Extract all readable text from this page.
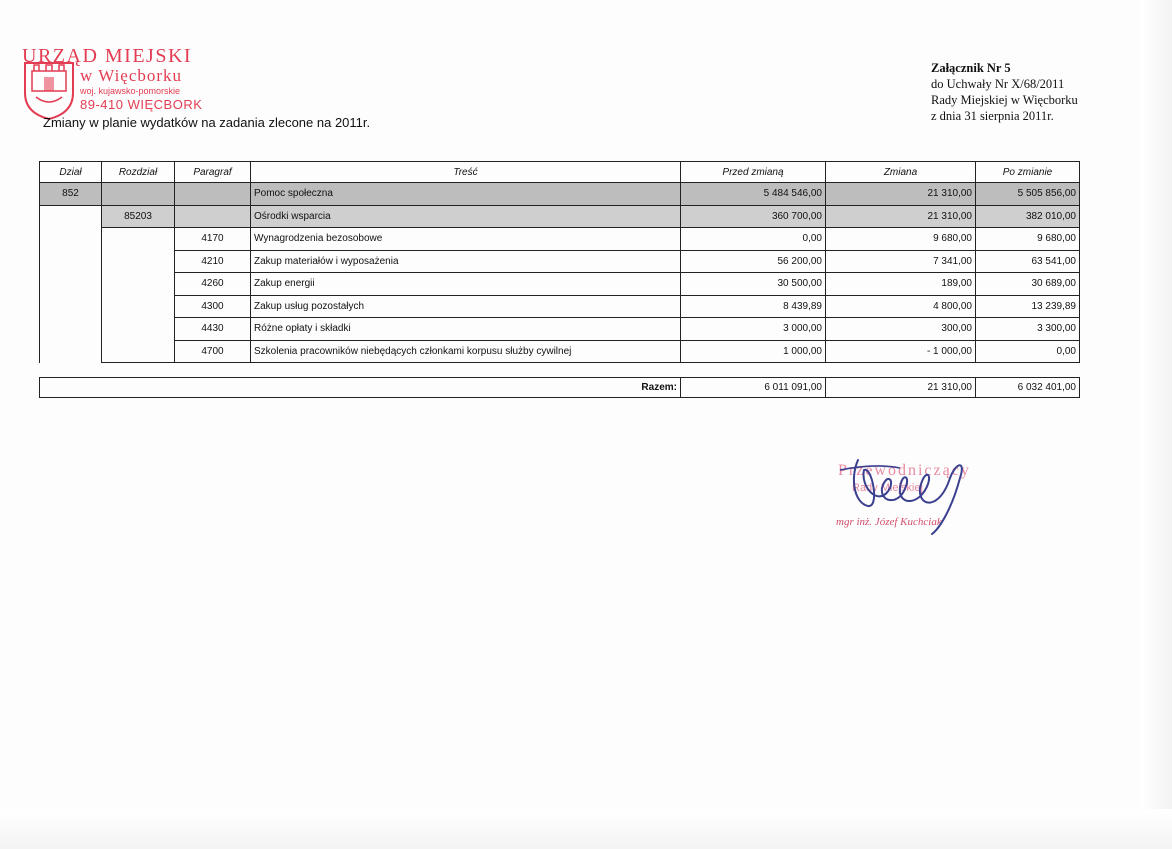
URZĄD MIEJSKI
w Więcborku
woj. kujawsko-pomorskie
89-410 WIĘCBORK
Zmiany w planie wydatków na zadania zlecone na 2011r.
Załącznik Nr 5
do Uchwały Nr X/68/2011
Rady Miejskiej w Więcborku
z dnia 31 sierpnia 2011r.
Dział	Rozdział	Paragraf	Treść	Przed zmianą	Zmiana	Po zmianie
852			Pomoc społeczna	5 484 546,00	21 310,00	5 505 856,00
	85203		Ośrodki wsparcia	360 700,00	21 310,00	382 010,00
		4170	Wynagrodzenia bezosobowe	0,00	9 680,00	9 680,00
		4210	Zakup materiałów i wyposażenia	56 200,00	7 341,00	63 541,00
		4260	Zakup energii	30 500,00	189,00	30 689,00
		4300	Zakup usług pozostałych	8 439,89	4 800,00	13 239,89
		4430	Różne opłaty i składki	3 000,00	300,00	3 300,00
		4700	Szkolenia pracowników niebędących członkami korpusu służby cywilnej	1 000,00	- 1 000,00	0,00
Razem:	6 011 091,00	21 310,00	6 032 401,00
Przewodniczący
Rady Miejskiej
mgr inż. Józef Kuchciak
